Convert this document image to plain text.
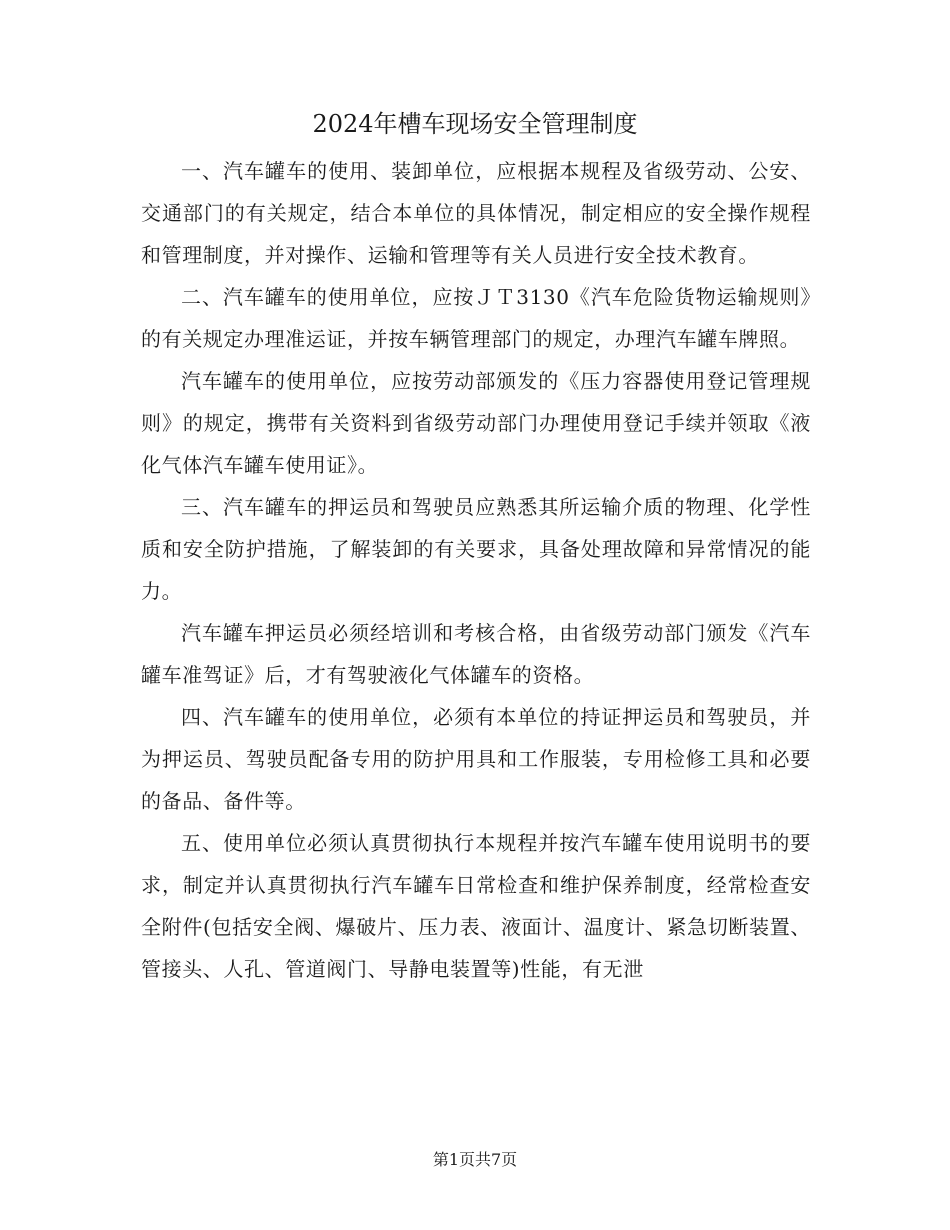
2024年槽车现场安全管理制度

一、汽车罐车的使用、装卸单位，应根据本规程及省级劳动、公安、交通部门的有关规定，结合本单位的具体情况，制定相应的安全操作规程和管理制度，并对操作、运输和管理等有关人员进行安全技术教育。

二、汽车罐车的使用单位，应按ＪＴ3130《汽车危险货物运输规则》的有关规定办理准运证，并按车辆管理部门的规定，办理汽车罐车牌照。

汽车罐车的使用单位，应按劳动部颁发的《压力容器使用登记管理规则》的规定，携带有关资料到省级劳动部门办理使用登记手续并领取《液化气体汽车罐车使用证》。

三、汽车罐车的押运员和驾驶员应熟悉其所运输介质的物理、化学性质和安全防护措施，了解装卸的有关要求，具备处理故障和异常情况的能力。

汽车罐车押运员必须经培训和考核合格，由省级劳动部门颁发《汽车罐车准驾证》后，才有驾驶液化气体罐车的资格。

四、汽车罐车的使用单位，必须有本单位的持证押运员和驾驶员，并为押运员、驾驶员配备专用的防护用具和工作服装，专用检修工具和必要的备品、备件等。

五、使用单位必须认真贯彻执行本规程并按汽车罐车使用说明书的要求，制定并认真贯彻执行汽车罐车日常检查和维护保养制度，经常检查安全附件(包括安全阀、爆破片、压力表、液面计、温度计、紧急切断装置、管接头、人孔、管道阀门、导静电装置等)性能，有无泄

第1页共7页
